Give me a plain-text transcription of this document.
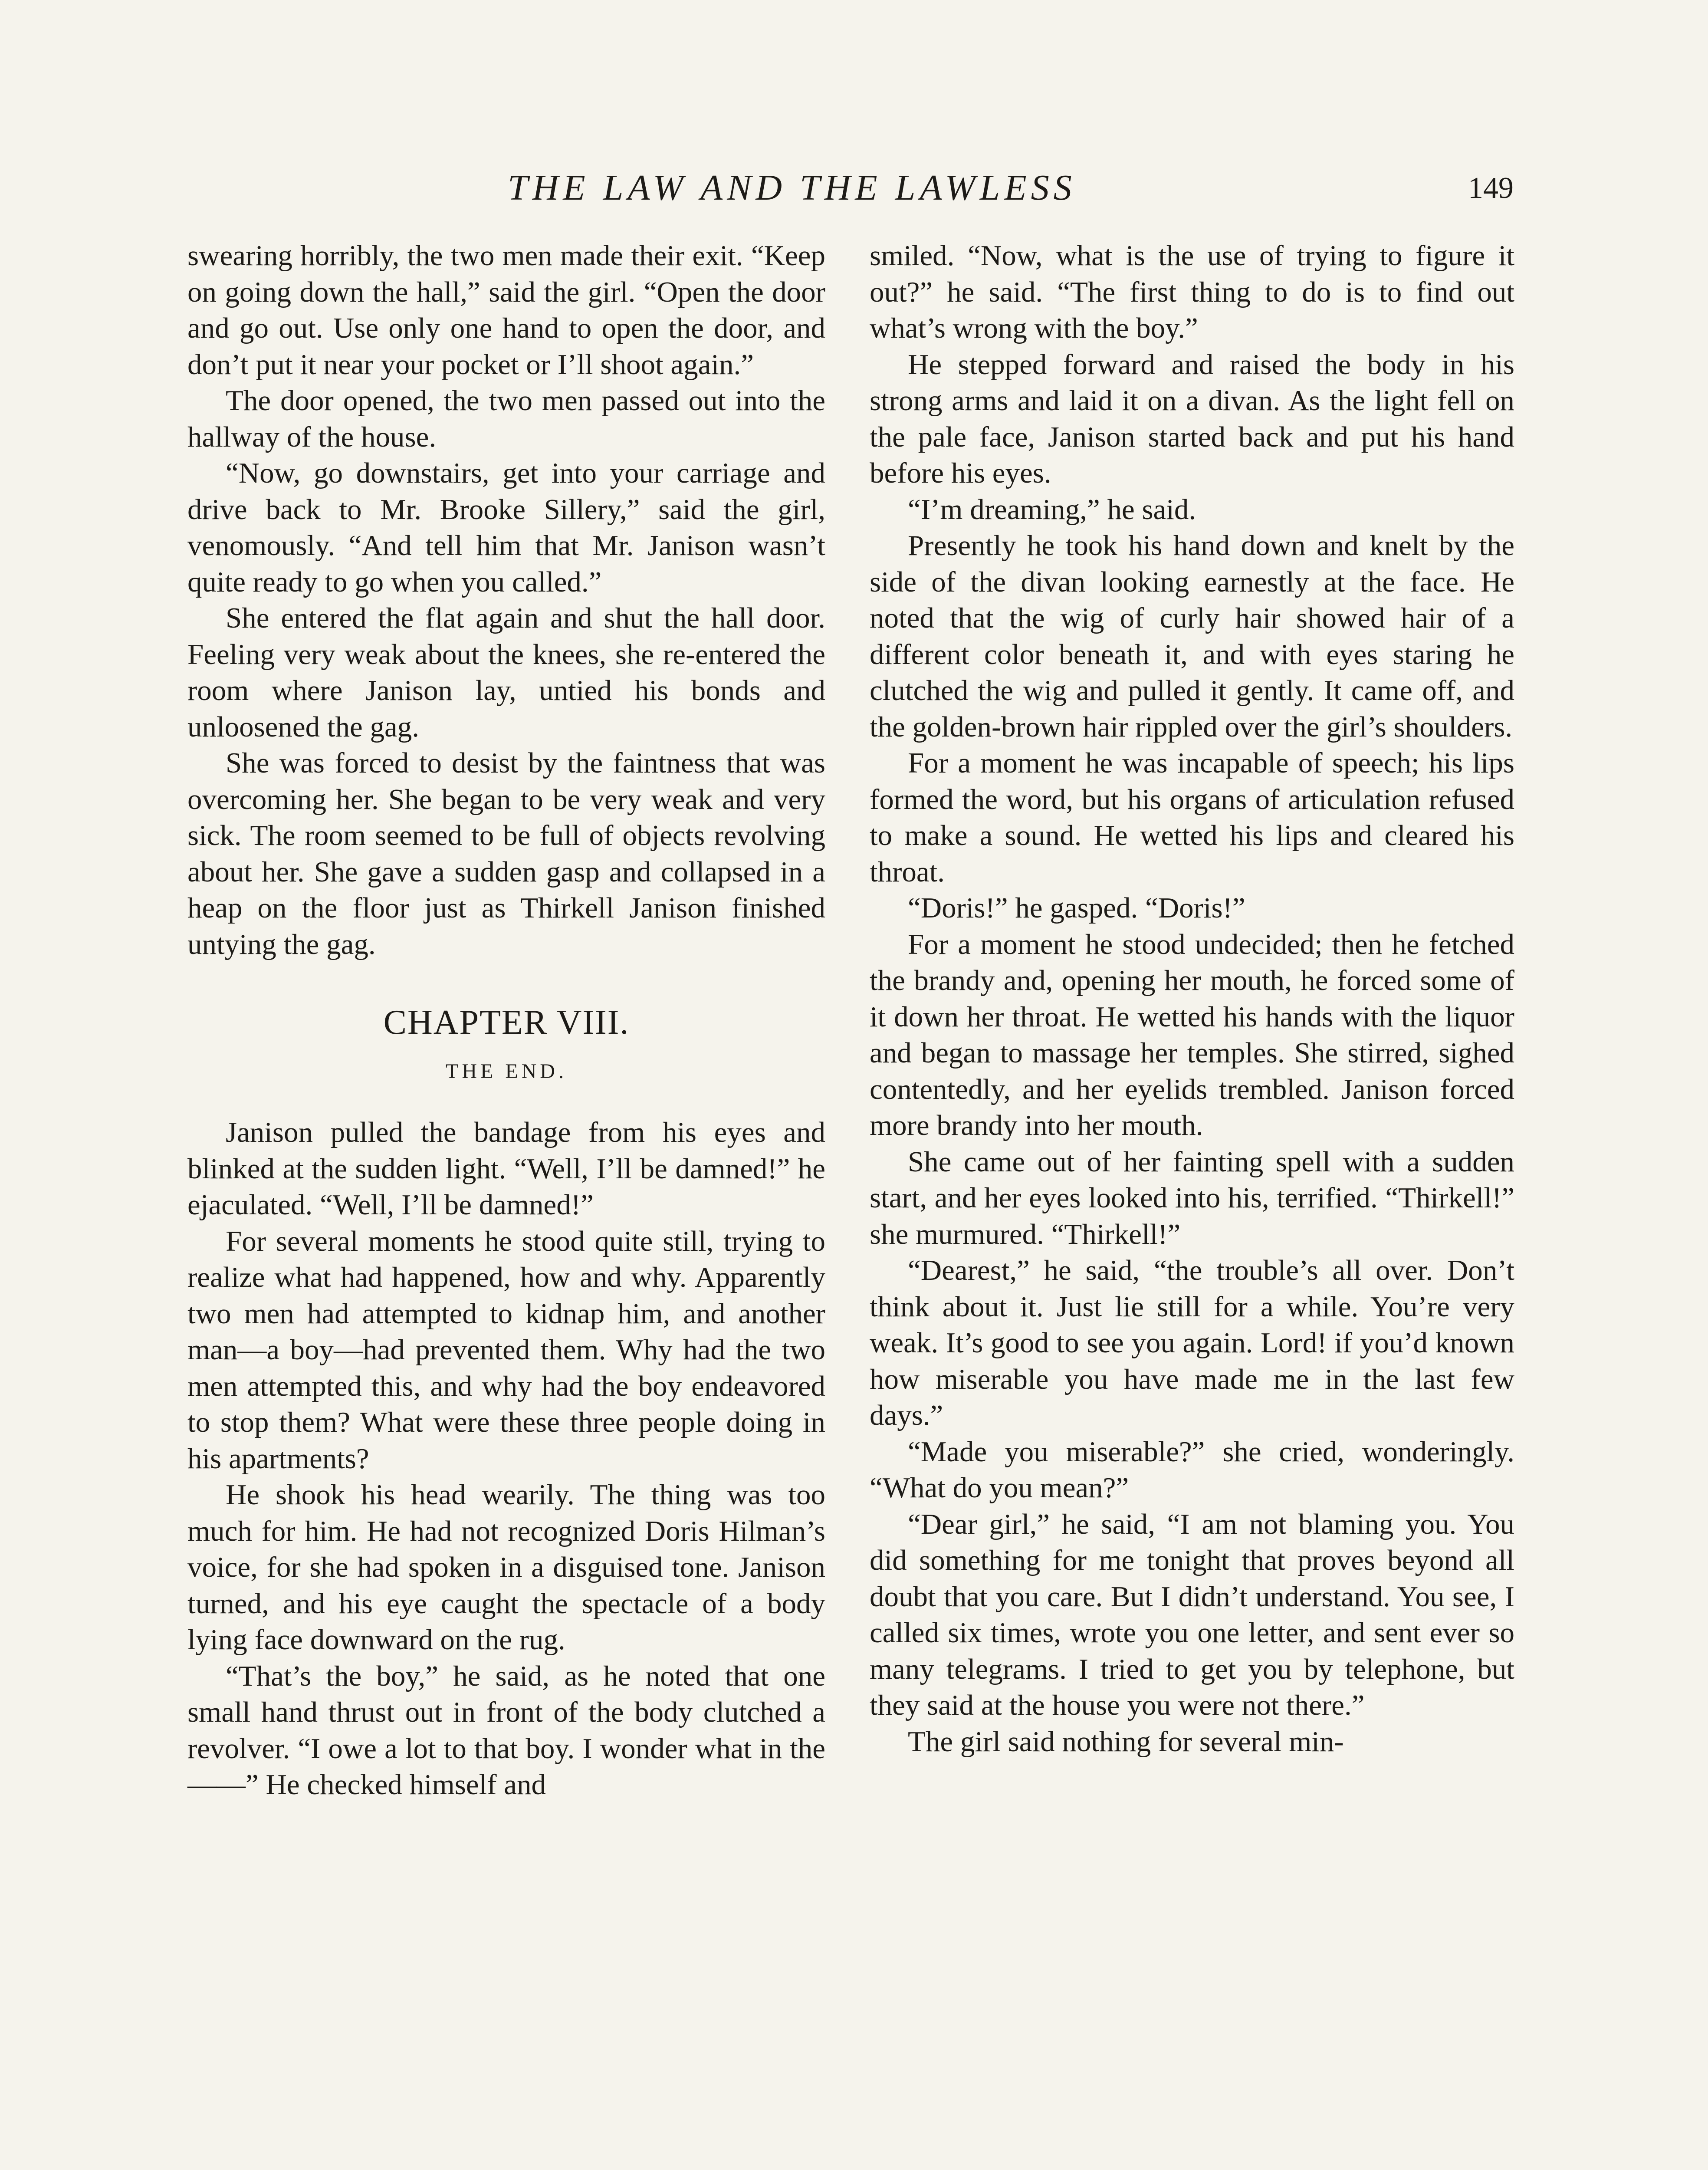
THE LAW AND THE LAWLESS	149

swearing horribly, the two men made their exit. “Keep on going down the hall,” said the girl. “Open the door and go out. Use only one hand to open the door, and don’t put it near your pocket or I’ll shoot again.”

The door opened, the two men passed out into the hallway of the house.

“Now, go downstairs, get into your carriage and drive back to Mr. Brooke Sillery,” said the girl, venomously. “And tell him that Mr. Janison wasn’t quite ready to go when you called.”

She entered the flat again and shut the hall door. Feeling very weak about the knees, she re-entered the room where Janison lay, untied his bonds and unloosened the gag.

She was forced to desist by the faintness that was overcoming her. She began to be very weak and very sick. The room seemed to be full of objects revolving about her. She gave a sudden gasp and collapsed in a heap on the floor just as Thirkell Janison finished untying the gag.

CHAPTER VIII.
THE END.

Janison pulled the bandage from his eyes and blinked at the sudden light. “Well, I’ll be damned!” he ejaculated. “Well, I’ll be damned!”

For several moments he stood quite still, trying to realize what had happened, how and why. Apparently two men had attempted to kidnap him, and another man—a boy—had prevented them. Why had the two men attempted this, and why had the boy endeavored to stop them? What were these three people doing in his apartments?

He shook his head wearily. The thing was too much for him. He had not recognized Doris Hilman’s voice, for she had spoken in a disguised tone. Janison turned, and his eye caught the spectacle of a body lying face downward on the rug.

“That’s the boy,” he said, as he noted that one small hand thrust out in front of the body clutched a revolver. “I owe a lot to that boy. I wonder what in the——” He checked himself and

smiled. “Now, what is the use of trying to figure it out?” he said. “The first thing to do is to find out what’s wrong with the boy.”

He stepped forward and raised the body in his strong arms and laid it on a divan. As the light fell on the pale face, Janison started back and put his hand before his eyes.

“I’m dreaming,” he said.

Presently he took his hand down and knelt by the side of the divan looking earnestly at the face. He noted that the wig of curly hair showed hair of a different color beneath it, and with eyes staring he clutched the wig and pulled it gently. It came off, and the golden-brown hair rippled over the girl’s shoulders.

For a moment he was incapable of speech; his lips formed the word, but his organs of articulation refused to make a sound. He wetted his lips and cleared his throat.

“Doris!” he gasped. “Doris!”

For a moment he stood undecided; then he fetched the brandy and, opening her mouth, he forced some of it down her throat. He wetted his hands with the liquor and began to massage her temples. She stirred, sighed contentedly, and her eyelids trembled. Janison forced more brandy into her mouth.

She came out of her fainting spell with a sudden start, and her eyes looked into his, terrified. “Thirkell!” she murmured. “Thirkell!”

“Dearest,” he said, “the trouble’s all over. Don’t think about it. Just lie still for a while. You’re very weak. It’s good to see you again. Lord! if you’d known how miserable you have made me in the last few days.”

“Made you miserable?” she cried, wonderingly. “What do you mean?”

“Dear girl,” he said, “I am not blaming you. You did something for me tonight that proves beyond all doubt that you care. But I didn’t understand. You see, I called six times, wrote you one letter, and sent ever so many telegrams. I tried to get you by telephone, but they said at the house you were not there.”

The girl said nothing for several min-
